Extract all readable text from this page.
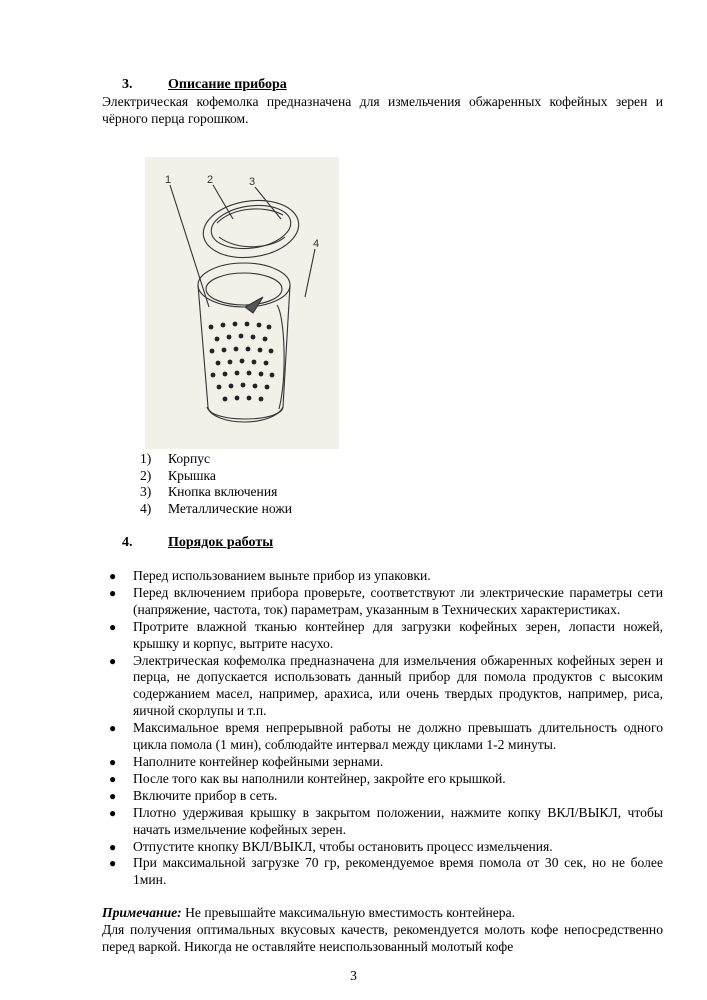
3.	Описание прибора

Электрическая кофемолка предназначена для измельчения обжаренных кофейных зерен и чёрного перца горошком.

1	2	3
4
1) Корпус
2) Крышка
3) Кнопка включения
4) Металлические ножи
4.	Порядок работы
● Перед использованием выньте прибор из упаковки.
● Перед включением прибора проверьте, соответствуют ли электрические параметры сети (напряжение, частота, ток) параметрам, указанным в Технических характеристиках.
● Протрите влажной тканью контейнер для загрузки кофейных зерен, лопасти ножей, крышку и корпус, вытрите насухо.
● Электрическая кофемолка предназначена для измельчения обжаренных кофейных зерен и перца, не допускается использовать данный прибор для помола продуктов с высоким содержанием масел, например, арахиса, или очень твердых продуктов, например, риса, яичной скорлупы и т.п.
● Максимальное время непрерывной работы не должно превышать длительность одного цикла помола (1 мин), соблюдайте интервал между циклами 1-2 минуты.
● Наполните контейнер кофейными зернами.
● После того как вы наполнили контейнер, закройте его крышкой.
● Включите прибор в сеть.
● Плотно удерживая крышку в закрытом положении, нажмите копку ВКЛ/ВЫКЛ, чтобы начать измельчение кофейных зерен.
● Отпустите кнопку ВКЛ/ВЫКЛ, чтобы остановить процесс измельчения.
● При максимальной загрузке 70 гр, рекомендуемое время помола от 30 сек, но не более 1мин.
Примечание: Не превышайте максимальную вместимость контейнера.
Для получения оптимальных вкусовых качеств, рекомендуется молоть кофе непосредственно перед варкой. Никогда не оставляйте неиспользованный молотый кофе
3
